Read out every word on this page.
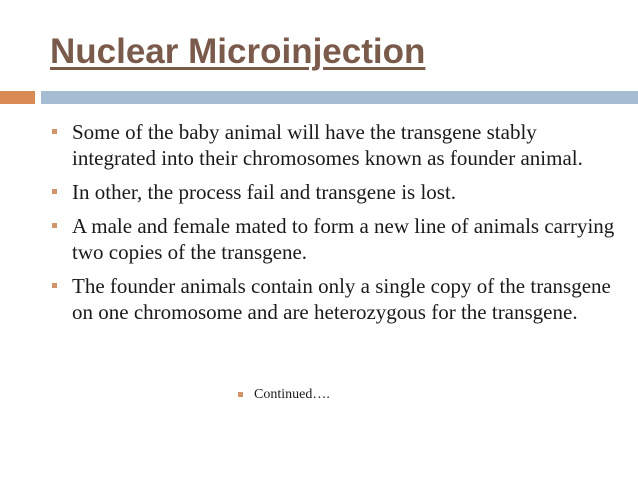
Nuclear Microinjection
Some of the baby animal will have the transgene stably integrated into their chromosomes known as founder animal.
In other, the process fail and transgene is lost.
A male and female mated to form a new line of animals carrying two copies of the transgene.
The founder animals contain only a single copy of the transgene on one chromosome and are heterozygous for the transgene.
Continued….
